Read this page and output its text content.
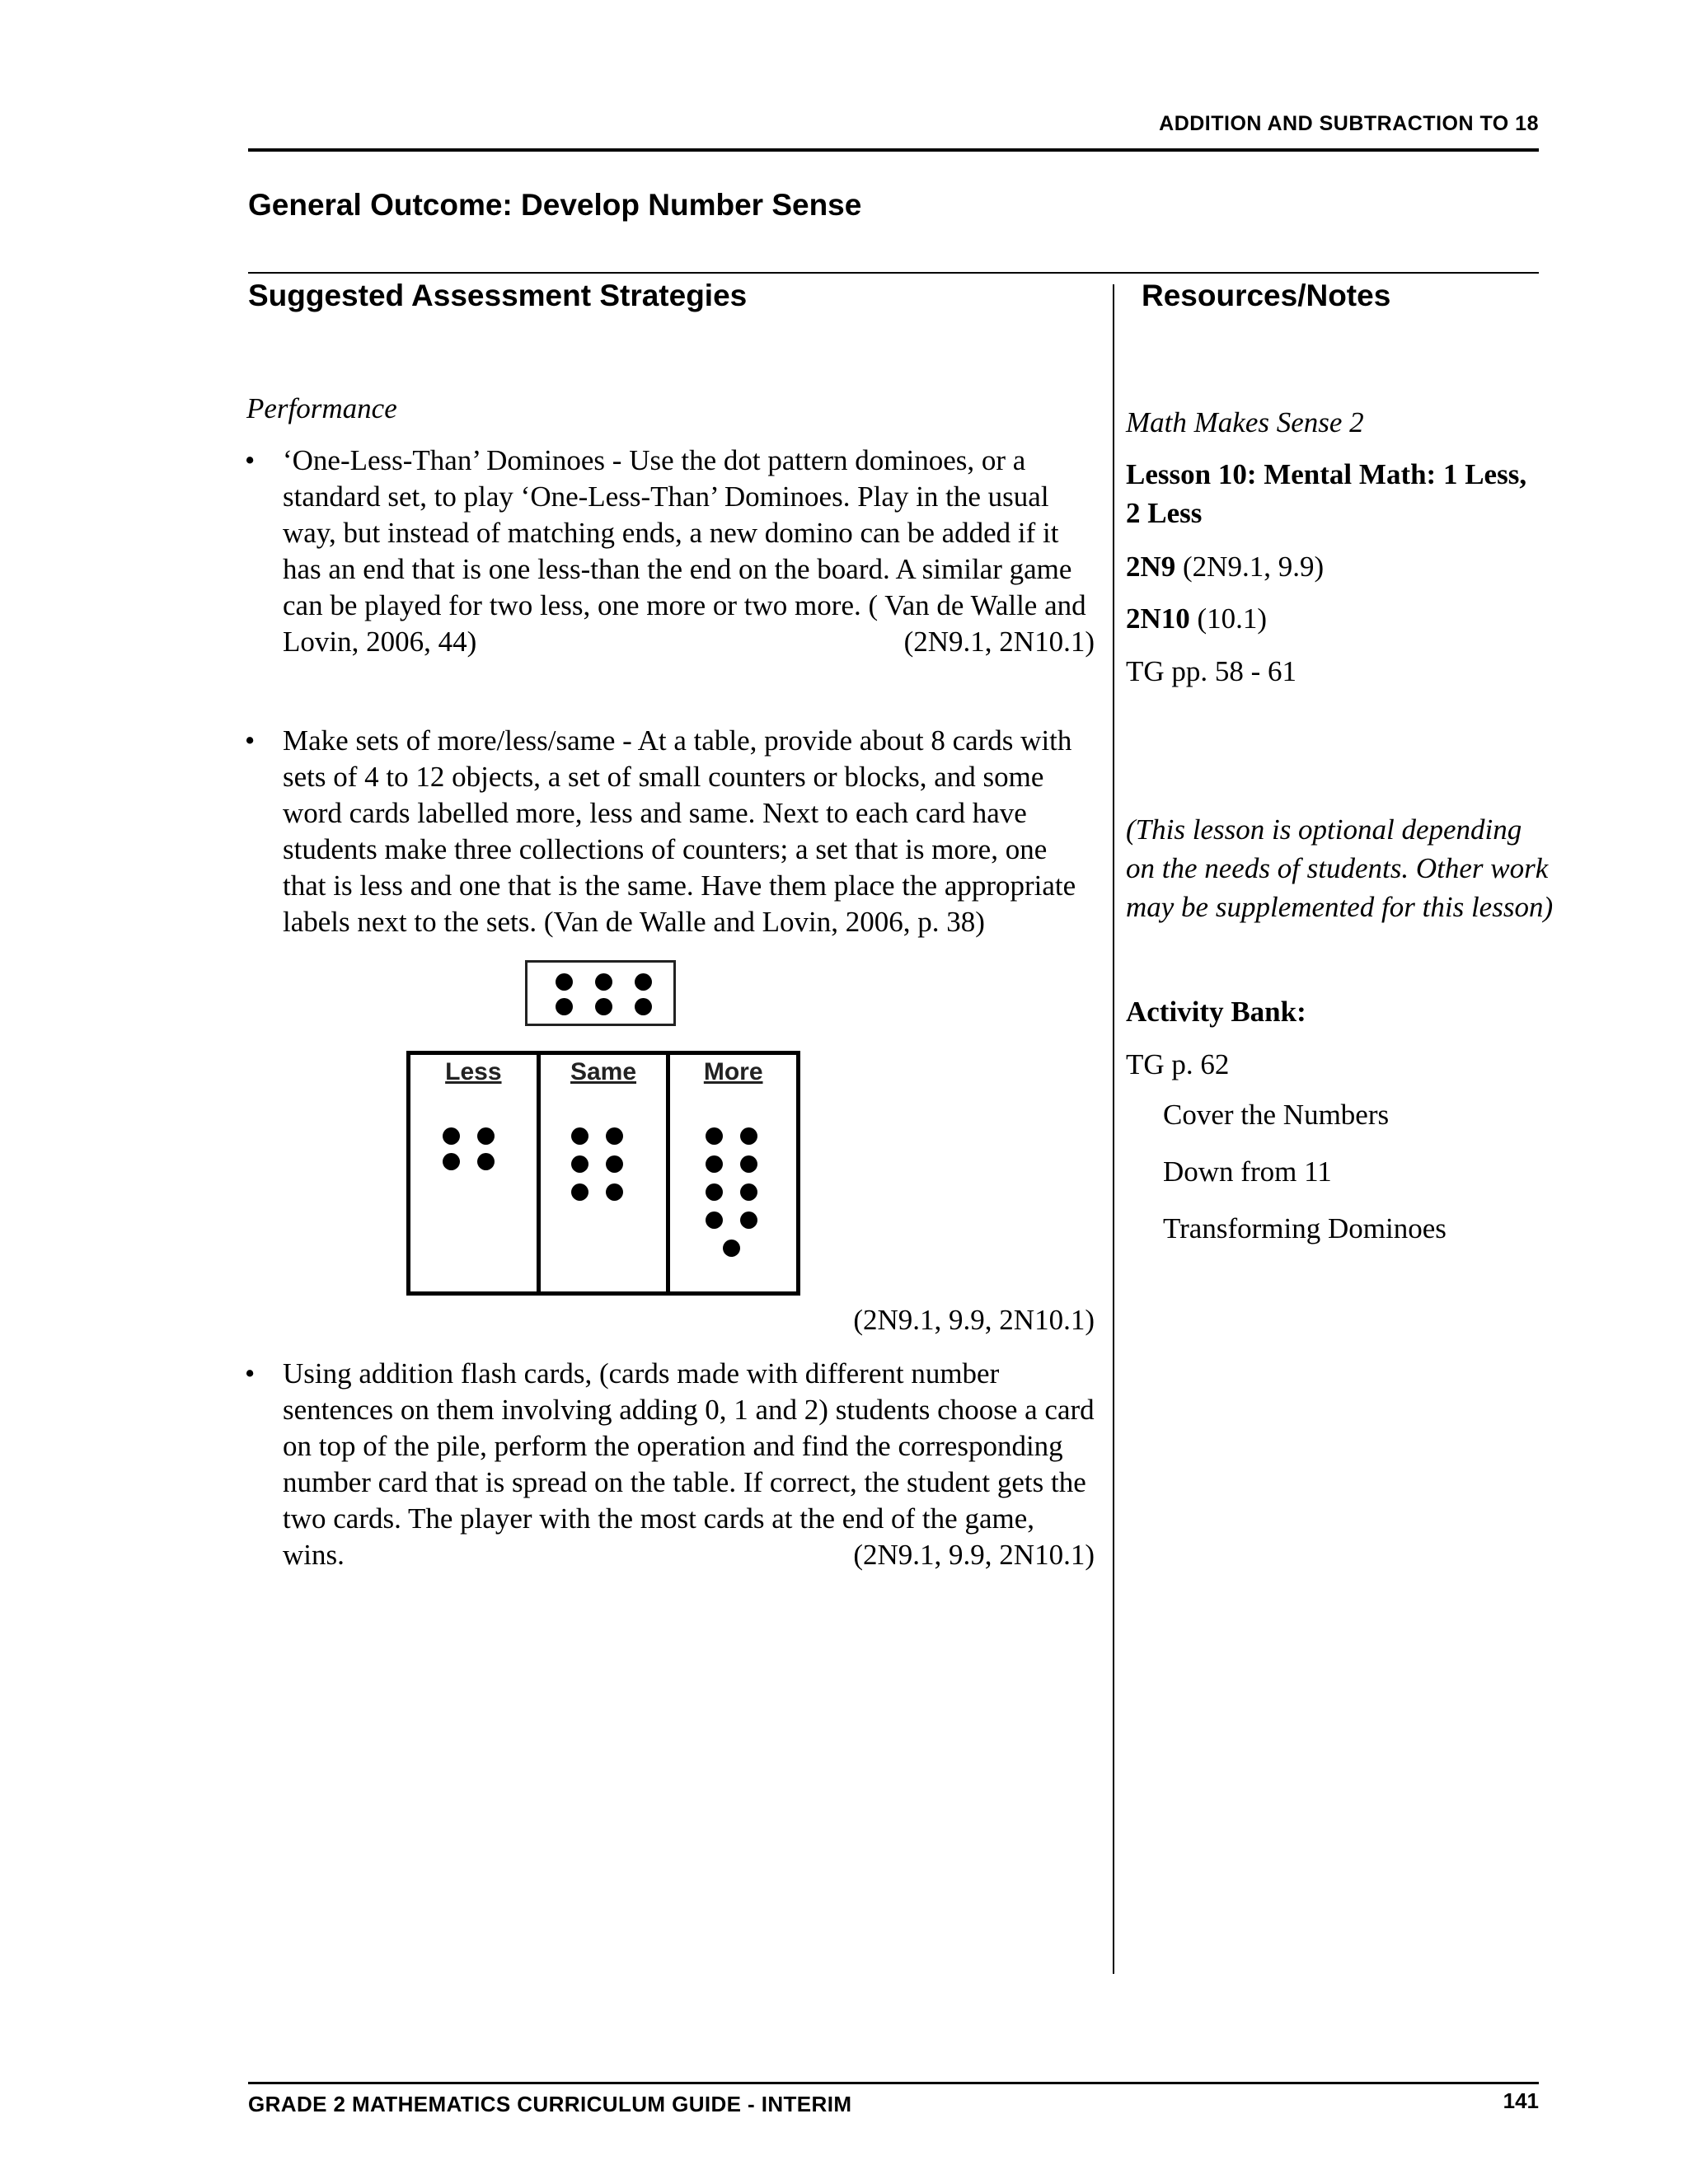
ADDITION AND SUBTRACTION TO 18
General Outcome: Develop Number Sense
Suggested Assessment Strategies	Resources/Notes
Performance
• ‘One-Less-Than’ Dominoes - Use the dot pattern dominoes, or a standard set, to play ‘One-Less-Than’ Dominoes. Play in the usual way, but instead of matching ends, a new domino can be added if it has an end that is one less-than the end on the board. A similar game can be played for two less, one more or two more. ( Van de Walle and Lovin, 2006, 44)	(2N9.1, 2N10.1)
• Make sets of more/less/same - At a table, provide about 8 cards with sets of 4 to 12 objects, a set of small counters or blocks, and some word cards labelled more, less and same. Next to each card have students make three collections of counters; a set that is more, one that is less and one that is the same. Have them place the appropriate labels next to the sets. (Van de Walle and Lovin, 2006, p. 38)

Less	Same	More
(2N9.1, 9.9, 2N10.1)
• Using addition flash cards, (cards made with different number sentences on them involving adding 0, 1 and 2) students choose a card on top of the pile, perform the operation and find the corresponding number card that is spread on the table. If correct, the student gets the two cards. The player with the most cards at the end of the game, wins.	(2N9.1, 9.9, 2N10.1)
Math Makes Sense 2
Lesson 10: Mental Math: 1 Less,
2 Less
2N9 (2N9.1, 9.9)
2N10 (10.1)
TG pp. 58 - 61
(This lesson is optional depending
on the needs of students. Other work
may be supplemented for this lesson)
Activity Bank:
TG p. 62
Cover the Numbers
Down from 11
Transforming Dominoes
GRADE 2 MATHEMATICS CURRICULUM GUIDE - INTERIM	141
